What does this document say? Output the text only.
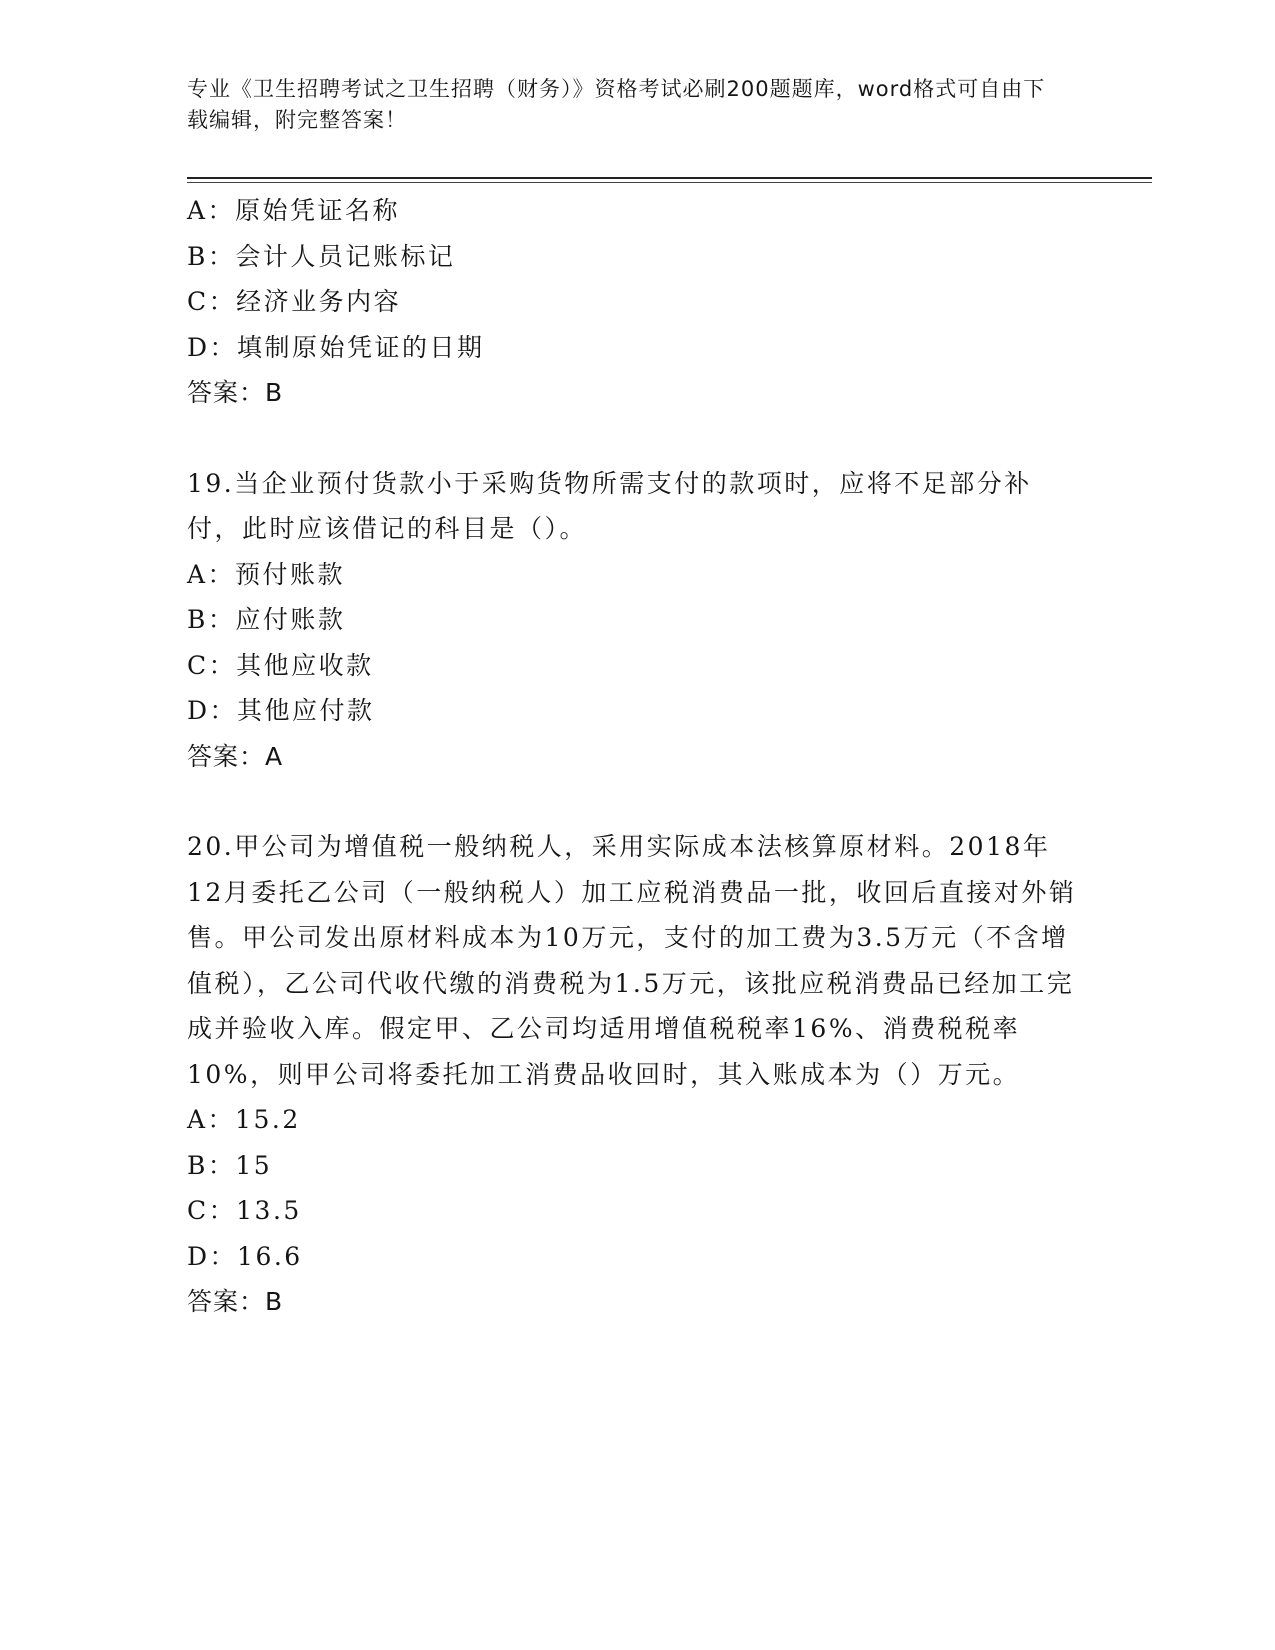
专业《卫生招聘考试之卫生招聘（财务）》资格考试必刷200题题库，word格式可自由下载编辑，附完整答案！

A：原始凭证名称

B：会计人员记账标记

C：经济业务内容

D：填制原始凭证的日期

答案：B

19.当企业预付货款小于采购货物所需支付的款项时，应将不足部分补付，此时应该借记的科目是（）。

A：预付账款

B：应付账款

C：其他应收款

D：其他应付款

答案：A

20.甲公司为增值税一般纳税人，采用实际成本法核算原材料。2018年12月委托乙公司（一般纳税人）加工应税消费品一批，收回后直接对外销售。甲公司发出原材料成本为10万元，支付的加工费为3.5万元（不含增值税），乙公司代收代缴的消费税为1.5万元，该批应税消费品已经加工完成并验收入库。假定甲、乙公司均适用增值税税率16%、消费税税率10%，则甲公司将委托加工消费品收回时，其入账成本为（）万元。

A：15.2

B：15

C：13.5

D：16.6

答案：B
